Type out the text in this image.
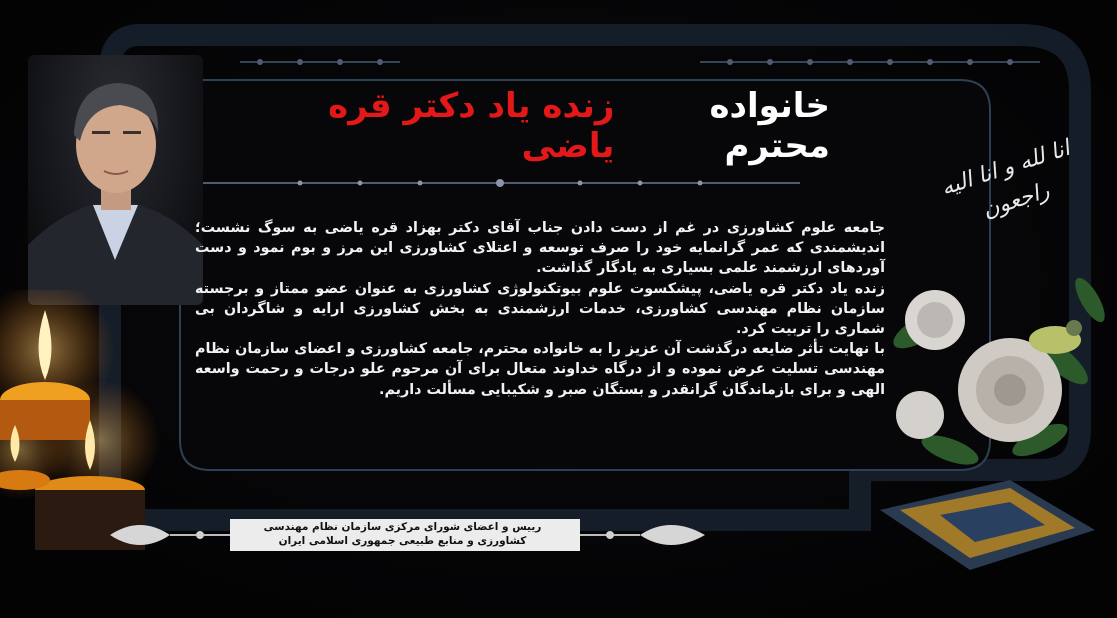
خانواده محترم
زنده یاد دکتر قره یاضی

جامعه علوم کشاورزی در غم از دست دادن جناب آقای دکتر بهزاد قره یاضی به سوگ نشست؛ اندیشمندی که عمر گرانمایه خود را صرف توسعه و اعتلای کشاورزی این مرز و بوم نمود و دست آوردهای ارزشمند علمی بسیاری به یادگار گذاشت.

زنده یاد دکتر قره یاضی، پیشکسوت علوم بیوتکنولوژی کشاورزی به عنوان عضو ممتاز و برجسته سازمان نظام مهندسی کشاورزی، خدمات ارزشمندی به بخش کشاورزی ارایه و شاگردان بی شماری را تربیت کرد.

با نهایت تأثر ضایعه درگذشت آن عزیز را به خانواده محترم، جامعه کشاورزی و اعضای سازمان نظام مهندسی تسلیت عرض نموده و از درگاه خداوند متعال برای آن مرحوم علو درجات و رحمت واسعه الهی و برای بازماندگان گرانقدر و بستگان صبر و شکیبایی مسألت داریم.

انا لله و انا الیه راجعون
رییس و اعضای شورای مرکزی سازمان نظام مهندسی کشاورزی و منابع طبیعی جمهوری اسلامی ایران
